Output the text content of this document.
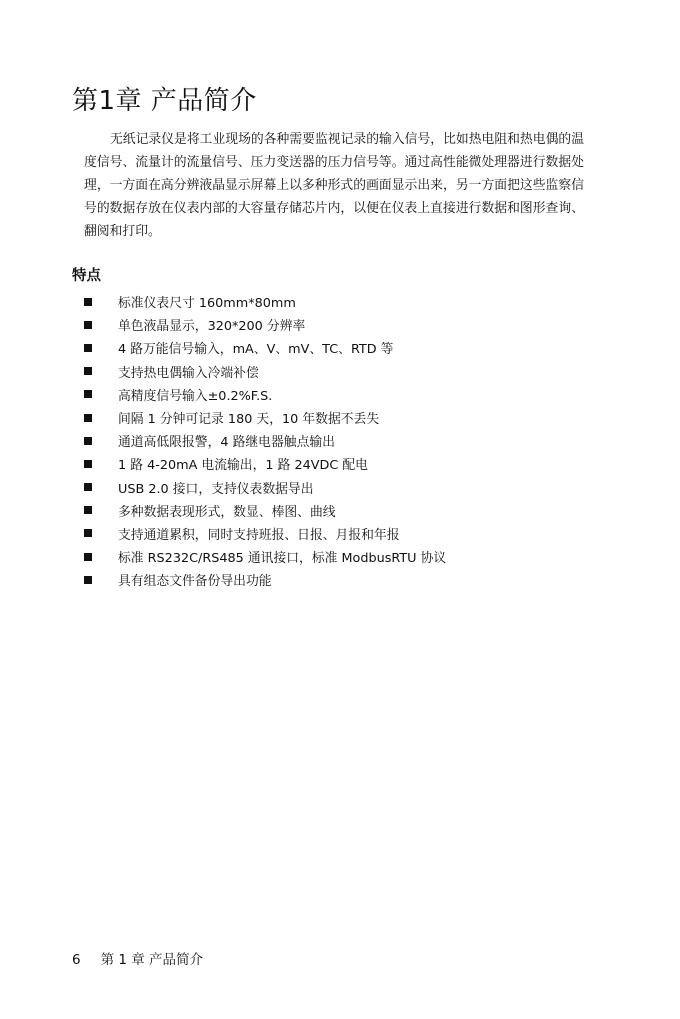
第1章 产品简介

无纸记录仪是将工业现场的各种需要监视记录的输入信号，比如热电阻和热电偶的温度信号、流量计的流量信号、压力变送器的压力信号等。通过高性能微处理器进行数据处理，一方面在高分辨液晶显示屏幕上以多种形式的画面显示出来，另一方面把这些监察信号的数据存放在仪表内部的大容量存储芯片内，以便在仪表上直接进行数据和图形查询、翻阅和打印。

特点
标准仪表尺寸 160mm*80mm
单色液晶显示，320*200 分辨率
4 路万能信号输入，mA、V、mV、TC、RTD 等
支持热电偶输入冷端补偿
高精度信号输入±0.2%F.S.
间隔 1 分钟可记录 180 天，10 年数据不丢失
通道高低限报警，4 路继电器触点输出
1 路 4-20mA 电流输出，1 路 24VDC 配电
USB 2.0 接口，支持仪表数据导出
多种数据表现形式，数显、棒图、曲线
支持通道累积，同时支持班报、日报、月报和年报
标准 RS232C/RS485 通讯接口，标准 ModbusRTU 协议
具有组态文件备份导出功能
6 第 1 章 产品简介
